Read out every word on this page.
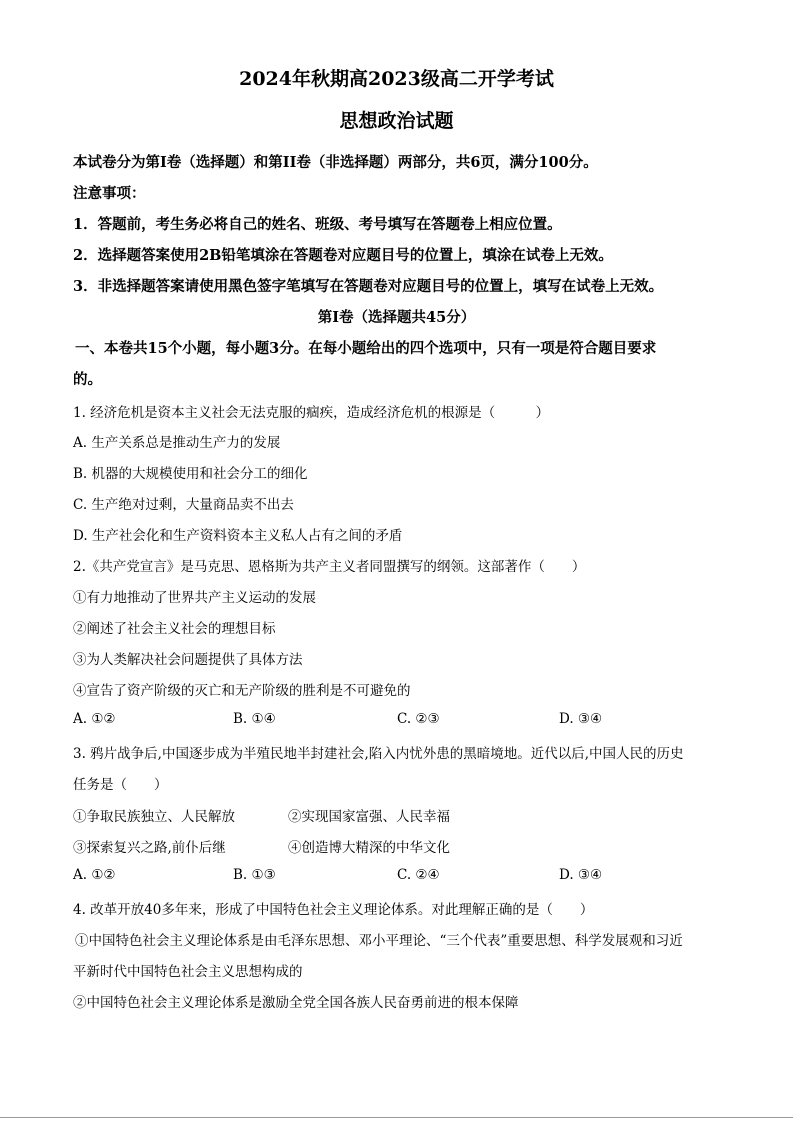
2024年秋期高2023级高二开学考试
思想政治试题
本试卷分为第I卷（选择题）和第II卷（非选择题）两部分，共6页，满分100分。
注意事项：
1．答题前，考生务必将自己的姓名、班级、考号填写在答题卷上相应位置。
2．选择题答案使用2B铅笔填涂在答题卷对应题目号的位置上，填涂在试卷上无效。
3．非选择题答案请使用黑色签字笔填写在答题卷对应题目号的位置上，填写在试卷上无效。
第I卷（选择题共45分）
一、本卷共15个小题，每小题3分。在每小题给出的四个选项中，只有一项是符合题目要求
的。
1. 经济危机是资本主义社会无法克服的痼疾，造成经济危机的根源是（　　　）
A. 生产关系总是推动生产力的发展
B. 机器的大规模使用和社会分工的细化
C. 生产绝对过剩，大量商品卖不出去
D. 生产社会化和生产资料资本主义私人占有之间的矛盾
2.《共产党宣言》是马克思、恩格斯为共产主义者同盟撰写的纲领。这部著作（　　）
①有力地推动了世界共产主义运动的发展
②阐述了社会主义社会的理想目标
③为人类解决社会问题提供了具体方法
④宣告了资产阶级的灭亡和无产阶级的胜利是不可避免的
A. ①②	B. ①④	C. ②③	D. ③④
3. 鸦片战争后,中国逐步成为半殖民地半封建社会,陷入内忧外患的黑暗境地。近代以后,中国人民的历史
任务是（　　）
①争取民族独立、人民解放	②实现国家富强、人民幸福
③探索复兴之路,前仆后继	④创造博大精深的中华文化
A. ①②	B. ①③	C. ②④	D. ③④
4. 改革开放40多年来，形成了中国特色社会主义理论体系。对此理解正确的是（　　）
①中国特色社会主义理论体系是由毛泽东思想、邓小平理论、“三个代表”重要思想、科学发展观和习近
平新时代中国特色社会主义思想构成的
②中国特色社会主义理论体系是激励全党全国各族人民奋勇前进的根本保障
